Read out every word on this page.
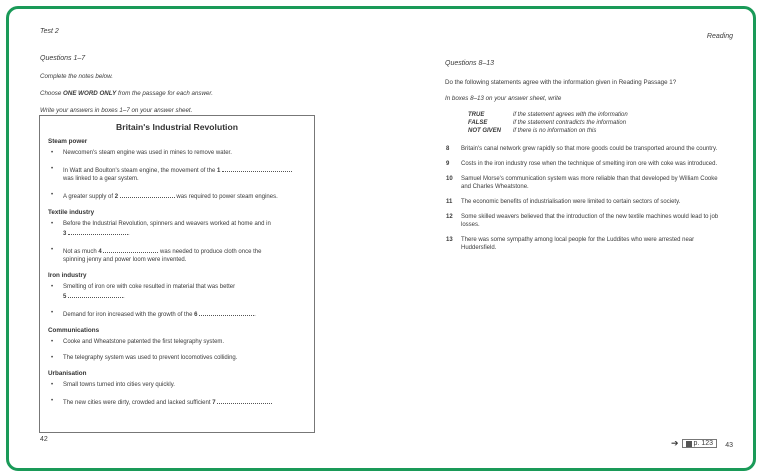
Test 2
Questions 1–7
Complete the notes below.
Choose ONE WORD ONLY from the passage for each answer.
Write your answers in boxes 1–7 on your answer sheet.
Britain's Industrial Revolution
Steam power
• Newcomen's steam engine was used in mines to remove water.
• In Watt and Boulton's steam engine, the movement of the 1
was linked to a gear system.
• A greater supply of 2	was required to power steam engines.
Textile industry
• Before the Industrial Revolution, spinners and weavers worked at home and in
3	.
• Not as much 4	was needed to produce cloth once the
spinning jenny and power loom were invented.
Iron industry
• Smelting of iron ore with coke resulted in material that was better
5	.
• Demand for iron increased with the growth of the 6	.
Communications
• Cooke and Wheatstone patented the first telegraphy system.
• The telegraphy system was used to prevent locomotives colliding.
Urbanisation
• Small towns turned into cities very quickly.
• The new cities were dirty, crowded and lacked sufficient 7
42
Reading
Questions 8–13
Do the following statements agree with the information given in Reading Passage 1?
In boxes 8–13 on your answer sheet, write
TRUE	if the statement agrees with the information
FALSE	if the statement contradicts the information
NOT GIVEN	if there is no information on this
8	Britain's canal network grew rapidly so that more goods could be transported around the country.
9	Costs in the iron industry rose when the technique of smelting iron ore with coke was introduced.
10	Samuel Morse's communication system was more reliable than that developed by William Cooke and Charles Wheatstone.
11	The economic benefits of industrialisation were limited to certain sectors of society.
12	Some skilled weavers believed that the introduction of the new textile machines would lead to job losses.
13	There was some sympathy among local people for the Luddites who were arrested near Huddersfield.
➔ p. 123 43
